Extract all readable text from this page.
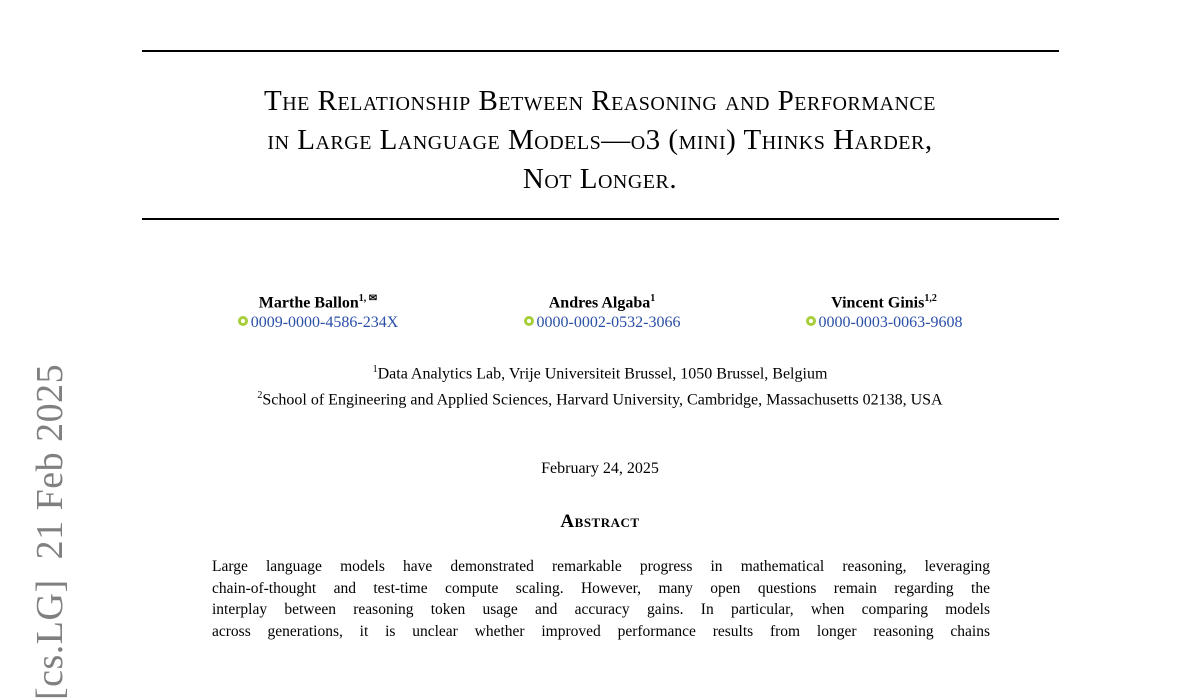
[cs.LG]  21 Feb 2025
The Relationship Between Reasoning and Performance
in Large Language Models—o3 (mini) Thinks Harder,
Not Longer.
Marthe Ballon$^{1, ✉}$
0009-0000-4586-234X
Andres Algaba$^1$
0000-0002-0532-3066
Vincent Ginis$^{1,2}$
0000-0003-0063-9608
$^1$Data Analytics Lab, Vrije Universiteit Brussel, 1050 Brussel, Belgium
$^2$School of Engineering and Applied Sciences, Harvard University, Cambridge, Massachusetts 02138, USA
February 24, 2025
Abstract
Large language models have demonstrated remarkable progress in mathematical reasoning, leveraging
chain-of-thought and test-time compute scaling. However, many open questions remain regarding the
interplay between reasoning token usage and accuracy gains. In particular, when comparing models
across generations, it is unclear whether improved performance results from longer reasoning chains
